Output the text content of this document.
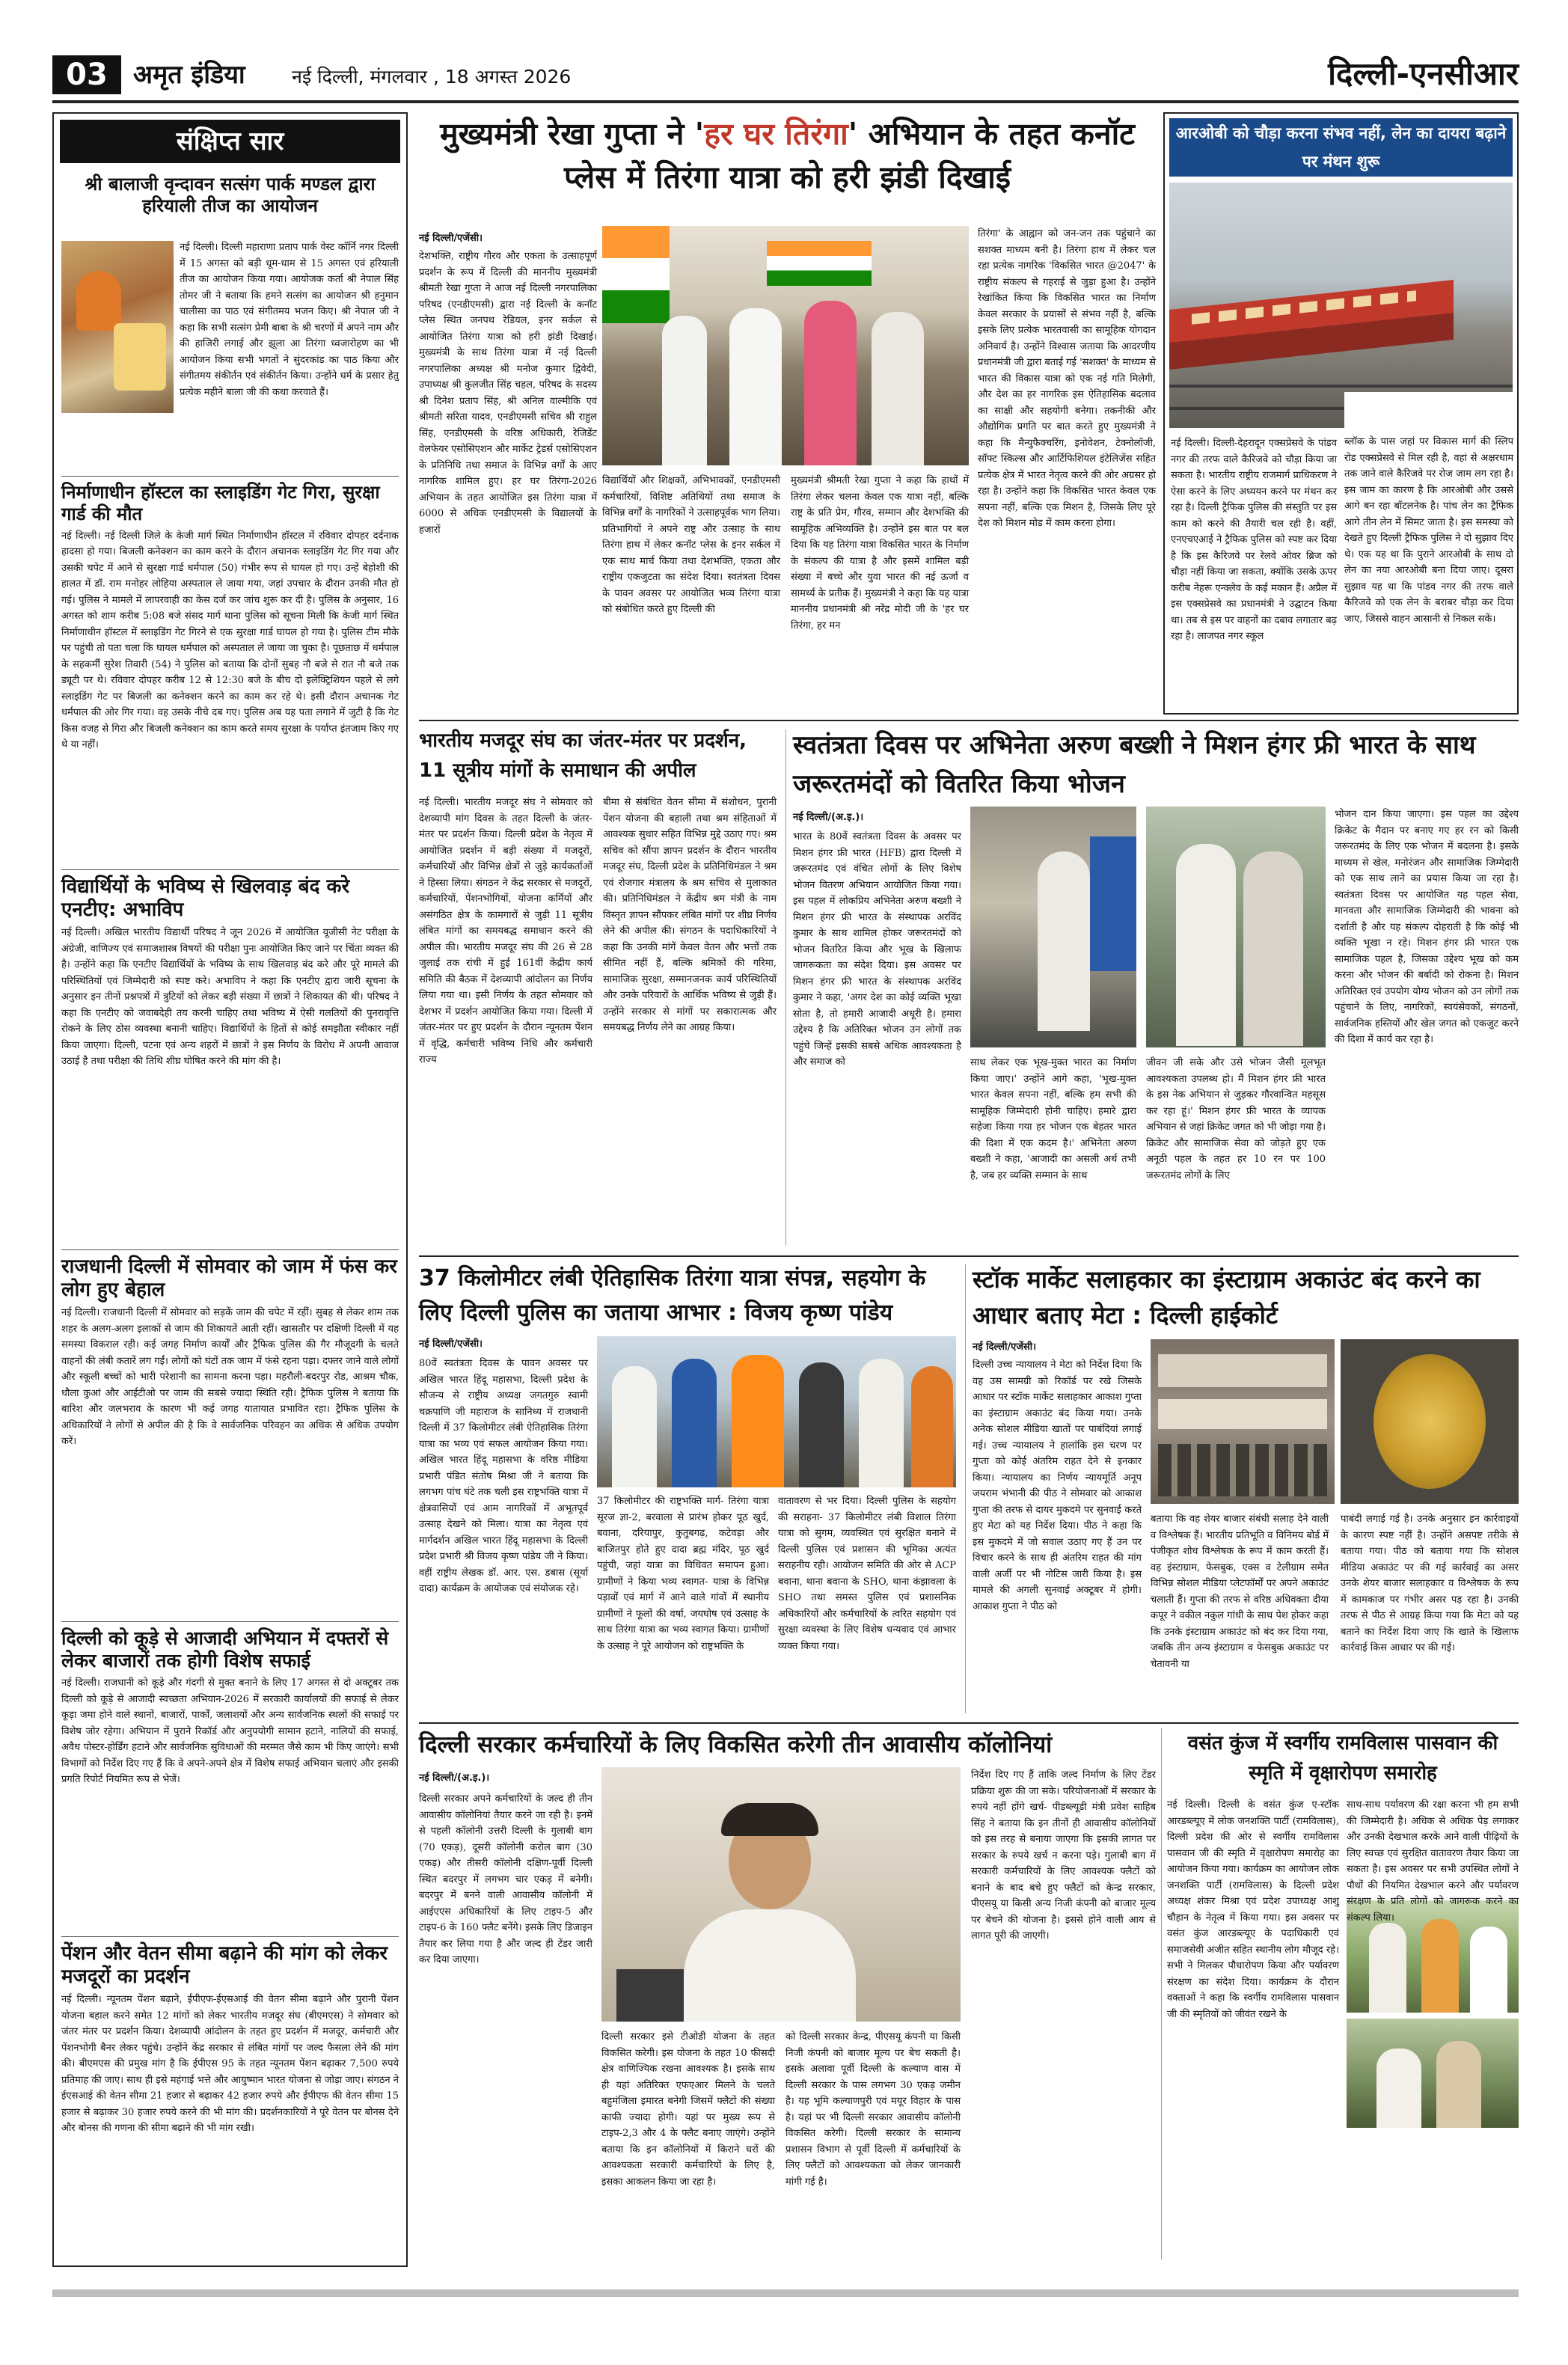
03	अमृत इंडिया नई दिल्ली, मंगलवार , 18 अगस्त 2026	दिल्ली-एनसीआर
संक्षिप्त सार
श्री बालाजी वृन्दावन सत्संग पार्क मण्डल द्वारा हरियाली तीज का आयोजन
नई दिल्ली। दिल्ली महाराणा प्रताप पार्क वेस्ट कॉर्नि नगर दिल्ली में 15 अगस्त को बड़ी धूम-धाम से 15 अगस्त एवं हरियाली तीज का आयोजन किया गया। आयोजक कर्ता श्री नेपाल सिंह तोमर जी ने बताया कि हमने सत्संग का आयोजन श्री हनुमान चालीसा का पाठ एवं संगीतमय भजन किए। श्री नेपाल जी ने कहा कि सभी सत्संग प्रेमी बाबा के श्री चरणों में अपने नाम और की हाजिरी लगाई और झूला आ तिरंगा ध्वजारोहण का भी आयोजन किया सभी भगतों ने सुंदरकांड का पाठ किया और संगीतमय संकीर्तन एवं संकीर्तन किया। उन्होंने धर्म के प्रसार हेतु प्रत्येक महीने बाला जी की कथा करवाते हैं।
निर्माणाधीन हॉस्टल का स्लाइडिंग गेट गिरा, सुरक्षा गार्ड की मौत
नई दिल्ली। नई दिल्ली जिले के केजी मार्ग स्थित निर्माणाधीन हॉस्टल में रविवार दोपहर दर्दनाक हादसा हो गया। बिजली कनेक्शन का काम करने के दौरान अचानक स्लाइडिंग गेट गिर गया और उसकी चपेट में आने से सुरक्षा गार्ड धर्मपाल (50) गंभीर रूप से घायल हो गए। उन्हें बेहोशी की हालत में डॉ. राम मनोहर लोहिया अस्पताल ले जाया गया, जहां उपचार के दौरान उनकी मौत हो गई। पुलिस ने मामले में लापरवाही का केस दर्ज कर जांच शुरू कर दी है। पुलिस के अनुसार, 16 अगस्त को शाम करीब 5:08 बजे संसद मार्ग थाना पुलिस को सूचना मिली कि केजी मार्ग स्थित निर्माणाधीन हॉस्टल में स्लाइडिंग गेट गिरने से एक सुरक्षा गार्ड घायल हो गया है। पुलिस टीम मौके पर पहुंची तो पता चला कि घायल धर्मपाल को अस्पताल ले जाया जा चुका है। पूछताछ में धर्मपाल के सहकर्मी सुरेश तिवारी (54) ने पुलिस को बताया कि दोनों सुबह नौ बजे से रात नौ बजे तक ड्यूटी पर थे। रविवार दोपहर करीब 12 से 12:30 बजे के बीच दो इलेक्ट्रिशियन पहले से लगे स्लाइडिंग गेट पर बिजली का कनेक्शन करने का काम कर रहे थे। इसी दौरान अचानक गेट धर्मपाल की ओर गिर गया। वह उसके नीचे दब गए। पुलिस अब यह पता लगाने में जुटी है कि गेट किस वजह से गिरा और बिजली कनेक्शन का काम करते समय सुरक्षा के पर्याप्त इंतजाम किए गए थे या नहीं।
विद्यार्थियों के भविष्य से खिलवाड़ बंद करे एनटीए: अभाविप
नई दिल्ली। अखिल भारतीय विद्यार्थी परिषद ने जून 2026 में आयोजित यूजीसी नेट परीक्षा के अंग्रेजी, वाणिज्य एवं समाजशास्त्र विषयों की परीक्षा पुनः आयोजित किए जाने पर चिंता व्यक्त की है। उन्होंने कहा कि एनटीए विद्यार्थियों के भविष्य के साथ खिलवाड़ बंद करे और पूरे मामले की परिस्थितियों एवं जिम्मेदारी को स्पष्ट करे। अभाविप ने कहा कि एनटीए द्वारा जारी सूचना के अनुसार इन तीनों प्रश्नपत्रों में त्रुटियों को लेकर बड़ी संख्या में छात्रों ने शिकायत की थी। परिषद ने कहा कि एनटीए को जवाबदेही तय करनी चाहिए तथा भविष्य में ऐसी गलतियों की पुनरावृत्ति रोकने के लिए ठोस व्यवस्था बनानी चाहिए। विद्यार्थियों के हितों से कोई समझौता स्वीकार नहीं किया जाएगा। दिल्ली, पटना एवं अन्य शहरों में छात्रों ने इस निर्णय के विरोध में अपनी आवाज उठाई है तथा परीक्षा की तिथि शीघ्र घोषित करने की मांग की है।
राजधानी दिल्ली में सोमवार को जाम में फंस कर लोग हुए बेहाल
नई दिल्ली। राजधानी दिल्ली में सोमवार को सड़कें जाम की चपेट में रहीं। सुबह से लेकर शाम तक शहर के अलग-अलग इलाकों से जाम की शिकायतें आती रहीं। खासतौर पर दक्षिणी दिल्ली में यह समस्या विकराल रही। कई जगह निर्माण कार्यों और ट्रैफिक पुलिस की गैर मौजूदगी के चलते वाहनों की लंबी कतारें लग गईं। लोगों को घंटों तक जाम में फंसे रहना पड़ा। दफ्तर जाने वाले लोगों और स्कूली बच्चों को भारी परेशानी का सामना करना पड़ा। महरौली-बदरपुर रोड, आश्रम चौक, धौला कुआं और आईटीओ पर जाम की सबसे ज्यादा स्थिति रही। ट्रैफिक पुलिस ने बताया कि बारिश और जलभराव के कारण भी कई जगह यातायात प्रभावित रहा। ट्रैफिक पुलिस के अधिकारियों ने लोगों से अपील की है कि वे सार्वजनिक परिवहन का अधिक से अधिक उपयोग करें।
दिल्ली को कूड़े से आजादी अभियान में दफ्तरों से लेकर बाजारों तक होगी विशेष सफाई
नई दिल्ली। राजधानी को कूड़े और गंदगी से मुक्त बनाने के लिए 17 अगस्त से दो अक्टूबर तक दिल्ली को कूड़े से आजादी स्वच्छता अभियान-2026 में सरकारी कार्यालयों की सफाई से लेकर कूड़ा जमा होने वाले स्थानों, बाजारों, पार्कों, जलाशयों और अन्य सार्वजनिक स्थलों की सफाई पर विशेष जोर रहेगा। अभियान में पुराने रिकॉर्ड और अनुपयोगी सामान हटाने, नालियों की सफाई, अवैध पोस्टर-होर्डिंग हटाने और सार्वजनिक सुविधाओं की मरम्मत जैसे काम भी किए जाएंगे। सभी विभागों को निर्देश दिए गए हैं कि वे अपने-अपने क्षेत्र में विशेष सफाई अभियान चलाएं और इसकी प्रगति रिपोर्ट नियमित रूप से भेजें।
पेंशन और वेतन सीमा बढ़ाने की मांग को लेकर मजदूरों का प्रदर्शन
नई दिल्ली। न्यूनतम पेंशन बढ़ाने, ईपीएफ-ईएसआई की वेतन सीमा बढ़ाने और पुरानी पेंशन योजना बहाल करने समेत 12 मांगों को लेकर भारतीय मजदूर संघ (बीएमएस) ने सोमवार को जंतर मंतर पर प्रदर्शन किया। देशव्यापी आंदोलन के तहत हुए प्रदर्शन में मजदूर, कर्मचारी और पेंशनभोगी बैनर लेकर पहुंचे। उन्होंने केंद्र सरकार से लंबित मांगों पर जल्द फैसला लेने की मांग की। बीएमएस की प्रमुख मांग है कि ईपीएस 95 के तहत न्यूनतम पेंशन बढ़ाकर 7,500 रुपये प्रतिमाह की जाए। साथ ही इसे महंगाई भत्ते और आयुष्मान भारत योजना से जोड़ा जाए। संगठन ने ईएसआई की वेतन सीमा 21 हजार से बढ़ाकर 42 हजार रुपये और ईपीएफ की वेतन सीमा 15 हजार से बढ़ाकर 30 हजार रुपये करने की भी मांग की। प्रदर्शनकारियों ने पूरे वेतन पर बोनस देने और बोनस की गणना की सीमा बढ़ाने की भी मांग रखी।
मुख्यमंत्री रेखा गुप्ता ने 'हर घर तिरंगा' अभियान के तहत कनॉट प्लेस में तिरंगा यात्रा को हरी झंडी दिखाई
नई दिल्ली/एजेंसी।
देशभक्ति, राष्ट्रीय गौरव और एकता के उत्साहपूर्ण प्रदर्शन के रूप में दिल्ली की माननीय मुख्यमंत्री श्रीमती रेखा गुप्ता ने आज नई दिल्ली नगरपालिका परिषद (एनडीएमसी) द्वारा नई दिल्ली के कनॉट प्लेस स्थित जनपथ रेडियल, इनर सर्कल से आयोजित तिरंगा यात्रा को हरी झंडी दिखाई। मुख्यमंत्री के साथ तिरंगा यात्रा में नई दिल्ली नगरपालिका अध्यक्ष श्री मनोज कुमार द्विवेदी, उपाध्यक्ष श्री कुलजीत सिंह चहल, परिषद के सदस्य श्री दिनेश प्रताप सिंह, श्री अनिल वाल्मीकि एवं श्रीमती सरिता यादव, एनडीएमसी सचिव श्री राहुल सिंह, एनडीएमसी के वरिष्ठ अधिकारी, रेजिडेंट वेलफेयर एसोसिएशन और मार्केट ट्रेडर्स एसोसिएशन के प्रतिनिधि तथा समाज के विभिन्न वर्गों के आए नागरिक शामिल हुए। हर घर तिरंगा-2026 अभियान के तहत आयोजित इस तिरंगा यात्रा में 6000 से अधिक एनडीएमसी के विद्यालयों के हजारों
विद्यार्थियों और शिक्षकों, अभिभावकों, एनडीएमसी कर्मचारियों, विशिष्ट अतिथियों तथा समाज के विभिन्न वर्गों के नागरिकों ने उत्साहपूर्वक भाग लिया। प्रतिभागियों ने अपने राष्ट्र और उत्साह के साथ तिरंगा हाथ में लेकर कनॉट प्लेस के इनर सर्कल में एक साथ मार्च किया तथा देशभक्ति, एकता और राष्ट्रीय एकजुटता का संदेश दिया। स्वतंत्रता दिवस के पावन अवसर पर आयोजित भव्य तिरंगा यात्रा को संबोधित करते हुए दिल्ली की
मुख्यमंत्री श्रीमती रेखा गुप्ता ने कहा कि हाथों में तिरंगा लेकर चलना केवल एक यात्रा नहीं, बल्कि राष्ट्र के प्रति प्रेम, गौरव, सम्मान और देशभक्ति की सामूहिक अभिव्यक्ति है। उन्होंने इस बात पर बल दिया कि यह तिरंगा यात्रा विकसित भारत के निर्माण के संकल्प की यात्रा है और इसमें शामिल बड़ी संख्या में बच्चे और युवा भारत की नई ऊर्जा व सामर्थ्य के प्रतीक हैं। मुख्यमंत्री ने कहा कि यह यात्रा माननीय प्रधानमंत्री श्री नरेंद्र मोदी जी के 'हर घर तिरंगा, हर मन
तिरंगा' के आह्वान को जन-जन तक पहुंचाने का सशक्त माध्यम बनी है। तिरंगा हाथ में लेकर चल रहा प्रत्येक नागरिक 'विकसित भारत @2047' के राष्ट्रीय संकल्प से गहराई से जुड़ा हुआ है। उन्होंने रेखांकित किया कि विकसित भारत का निर्माण केवल सरकार के प्रयासों से संभव नहीं है, बल्कि इसके लिए प्रत्येक भारतवासी का सामूहिक योगदान अनिवार्य है। उन्होंने विश्वास जताया कि आदरणीय प्रधानमंत्री जी द्वारा बताई गई 'सशक्त' के माध्यम से भारत की विकास यात्रा को एक नई गति मिलेगी, और देश का हर नागरिक इस ऐतिहासिक बदलाव का साक्षी और सहयोगी बनेगा। तकनीकी और औद्योगिक प्रगति पर बात करते हुए मुख्यमंत्री ने कहा कि मैन्युफैक्चरिंग, इनोवेशन, टेक्नोलॉजी, सॉफ्ट स्किल्स और आर्टिफिशियल इंटेलिजेंस सहित प्रत्येक क्षेत्र में भारत नेतृत्व करने की ओर अग्रसर हो रहा है। उन्होंने कहा कि विकसित भारत केवल एक सपना नहीं, बल्कि एक मिशन है, जिसके लिए पूरे देश को मिशन मोड में काम करना होगा।
आरओबी को चौड़ा करना संभव नहीं, लेन का दायरा बढ़ाने पर मंथन शुरू
नई दिल्ली। दिल्ली-देहरादून एक्सप्रेसवे के पांडव नगर की तरफ वाले कैरिजवे को चौड़ा किया जा सकता है। भारतीय राष्ट्रीय राजमार्ग प्राधिकरण ने ऐसा करने के लिए अध्ययन करने पर मंथन कर रहा है। दिल्ली ट्रैफिक पुलिस की संस्तुति पर इस काम को करने की तैयारी चल रही है। वहीं, एनएचएआई ने ट्रैफिक पुलिस को स्पष्ट कर दिया है कि इस कैरिजवे पर रेलवे ओवर ब्रिज को चौड़ा नहीं किया जा सकता, क्योंकि उसके ऊपर करीब नेहरू एन्क्लेव के कई मकान हैं। अप्रैल में इस एक्सप्रेसवे का प्रधानमंत्री ने उद्घाटन किया था। तब से इस पर वाहनों का दबाव लगातार बढ़ रहा है। लाजपत नगर स्कूल
ब्लॉक के पास जहां पर विकास मार्ग की स्लिप रोड एक्सप्रेसवे से मिल रही है, वहां से अक्षरधाम तक जाने वाले कैरिजवे पर रोज जाम लग रहा है। इस जाम का कारण है कि आरओबी और उससे आगे बन रहा बॉटलनेक है। पांच लेन का ट्रैफिक आगे तीन लेन में सिमट जाता है। इस समस्या को देखते हुए दिल्ली ट्रैफिक पुलिस ने दो सुझाव दिए थे। एक यह था कि पुराने आरओबी के साथ दो लेन का नया आरओबी बना दिया जाए। दूसरा सुझाव यह था कि पांडव नगर की तरफ वाले कैरिजवे को एक लेन के बराबर चौड़ा कर दिया जाए, जिससे वाहन आसानी से निकल सकें।
भारतीय मजदूर संघ का जंतर-मंतर पर प्रदर्शन, 11 सूत्रीय मांगों के समाधान की अपील
नई दिल्ली। भारतीय मजदूर संघ ने सोमवार को देशव्यापी मांग दिवस के तहत दिल्ली के जंतर-मंतर पर प्रदर्शन किया। दिल्ली प्रदेश के नेतृत्व में आयोजित प्रदर्शन में बड़ी संख्या में मजदूरों, कर्मचारियों और विभिन्न क्षेत्रों से जुड़े कार्यकर्ताओं ने हिस्सा लिया। संगठन ने केंद्र सरकार से मजदूरों, कर्मचारियों, पेंशनभोगियों, योजना कर्मियों और असंगठित क्षेत्र के कामगारों से जुड़ी 11 सूत्रीय लंबित मांगों का समयबद्ध समाधान करने की अपील की। भारतीय मजदूर संघ की 26 से 28 जुलाई तक रांची में हुई 161वीं केंद्रीय कार्य समिति की बैठक में देशव्यापी आंदोलन का निर्णय लिया गया था। इसी निर्णय के तहत सोमवार को देशभर में प्रदर्शन आयोजित किया गया। दिल्ली में जंतर-मंतर पर हुए प्रदर्शन के दौरान न्यूनतम पेंशन में वृद्धि, कर्मचारी भविष्य निधि और कर्मचारी राज्य
बीमा से संबंधित वेतन सीमा में संशोधन, पुरानी पेंशन योजना की बहाली तथा श्रम संहिताओं में आवश्यक सुधार सहित विभिन्न मुद्दे उठाए गए। श्रम सचिव को सौंपा ज्ञापन प्रदर्शन के दौरान भारतीय मजदूर संघ, दिल्ली प्रदेश के प्रतिनिधिमंडल ने श्रम एवं रोजगार मंत्रालय के श्रम सचिव से मुलाकात की। प्रतिनिधिमंडल ने केंद्रीय श्रम मंत्री के नाम विस्तृत ज्ञापन सौंपकर लंबित मांगों पर शीघ्र निर्णय लेने की अपील की। संगठन के पदाधिकारियों ने कहा कि उनकी मांगें केवल वेतन और भत्तों तक सीमित नहीं हैं, बल्कि श्रमिकों की गरिमा, सामाजिक सुरक्षा, सम्मानजनक कार्य परिस्थितियों और उनके परिवारों के आर्थिक भविष्य से जुड़ी हैं। उन्होंने सरकार से मांगों पर सकारात्मक और समयबद्ध निर्णय लेने का आग्रह किया।
स्वतंत्रता दिवस पर अभिनेता अरुण बख्शी ने मिशन हंगर फ्री भारत के साथ जरूरतमंदों को वितरित किया भोजन
नई दिल्ली/(अ.इ.)।
भारत के 80वें स्वतंत्रता दिवस के अवसर पर मिशन हंगर फ्री भारत (HFB) द्वारा दिल्ली में जरूरतमंद एवं वंचित लोगों के लिए विशेष भोजन वितरण अभियान आयोजित किया गया। इस पहल में लोकप्रिय अभिनेता अरुण बख्शी ने मिशन हंगर फ्री भारत के संस्थापक अरविंद कुमार के साथ शामिल होकर जरूरतमंदों को भोजन वितरित किया और भूख के खिलाफ जागरूकता का संदेश दिया। इस अवसर पर मिशन हंगर फ्री भारत के संस्थापक अरविंद कुमार ने कहा, 'अगर देश का कोई व्यक्ति भूखा सोता है, तो हमारी आजादी अधूरी है। हमारा उद्देश्य है कि अतिरिक्त भोजन उन लोगों तक पहुंचे जिन्हें इसकी सबसे अधिक आवश्यकता है और समाज को	साथ लेकर एक भूख-मुक्त भारत का निर्माण किया जाए।' उन्होंने आगे कहा, 'भूख-मुक्त भारत केवल सपना नहीं, बल्कि हम सभी की सामूहिक जिम्मेदारी होनी चाहिए। हमारे द्वारा सहेजा किया गया हर भोजन एक बेहतर भारत की दिशा में एक कदम है।' अभिनेता अरुण बख्शी ने कहा, 'आजादी का असली अर्थ तभी है, जब हर व्यक्ति सम्मान के साथ
जीवन जी सके और उसे भोजन जैसी मूलभूत आवश्यकता उपलब्ध हो। मैं मिशन हंगर फ्री भारत के इस नेक अभियान से जुड़कर गौरवान्वित महसूस कर रहा हूं।' मिशन हंगर फ्री भारत के व्यापक अभियान से जहां क्रिकेट जगत को भी जोड़ा गया है। क्रिकेट और सामाजिक सेवा को जोड़ते हुए एक अनूठी पहल के तहत हर 10 रन पर 100 जरूरतमंद लोगों के लिए
भोजन दान किया जाएगा। इस पहल का उद्देश्य क्रिकेट के मैदान पर बनाए गए हर रन को किसी जरूरतमंद के लिए एक भोजन में बदलना है। इसके माध्यम से खेल, मनोरंजन और सामाजिक जिम्मेदारी को एक साथ लाने का प्रयास किया जा रहा है। स्वतंत्रता दिवस पर आयोजित यह पहल सेवा, मानवता और सामाजिक जिम्मेदारी की भावना को दर्शाती है और यह संकल्प दोहराती है कि कोई भी व्यक्ति भूखा न रहे। मिशन हंगर फ्री भारत एक सामाजिक पहल है, जिसका उद्देश्य भूख को कम करना और भोजन की बर्बादी को रोकना है। मिशन अतिरिक्त एवं उपयोग योग्य भोजन को उन लोगों तक पहुंचाने के लिए, नागरिकों, स्वयंसेवकों, संगठनों, सार्वजनिक हस्तियों और खेल जगत को एकजुट करने की दिशा में कार्य कर रहा है।
37 किलोमीटर लंबी ऐतिहासिक तिरंगा यात्रा संपन्न, सहयोग के लिए दिल्ली पुलिस का जताया आभार : विजय कृष्ण पांडेय
नई दिल्ली/एजेंसी।
80वें स्वतंत्रता दिवस के पावन अवसर पर अखिल भारत हिंदू महासभा, दिल्ली प्रदेश के सौजन्य से राष्ट्रीय अध्यक्ष जगतगुरु स्वामी चक्रपाणि जी महाराज के सानिध्य में राजधानी दिल्ली में 37 किलोमीटर लंबी ऐतिहासिक तिरंगा यात्रा का भव्य एवं सफल आयोजन किया गया। अखिल भारत हिंदू महासभा के वरिष्ठ मीडिया प्रभारी पंडित संतोष मिश्रा जी ने बताया कि लगभग पांच घंटे तक चली इस राष्ट्रभक्ति यात्रा में क्षेत्रवासियों एवं आम नागरिकों में अभूतपूर्व उत्साह देखने को मिला। यात्रा का नेतृत्व एवं मार्गदर्शन अखिल भारत हिंदू महासभा के दिल्ली प्रदेश प्रभारी श्री विजय कृष्ण पांडेय जी ने किया। वहीं राष्ट्रीय लेखक डॉ. आर. एस. डबास (सूर्या दादा) कार्यक्रम के आयोजक एवं संयोजक रहे।
37 किलोमीटर की राष्ट्रभक्ति मार्ग- तिरंगा यात्रा सूरज ज्ञा-2, बरवाला से प्रारंभ होकर पूठ खुर्द, बवाना, दरियापुर, कुतुबगढ़, कटेवड़ा और बाजितपुर होते हुए दादा ब्रह्म मंदिर, पूठ खुर्द पहुंची, जहां यात्रा का विधिवत समापन हुआ। ग्रामीणों ने किया भव्य स्वागत- यात्रा के विभिन्न पड़ावों एवं मार्ग में आने वाले गांवों में स्थानीय ग्रामीणों ने फूलों की वर्षा, जयघोष एवं उत्साह के साथ तिरंगा यात्रा का भव्य स्वागत किया। ग्रामीणों के उत्साह ने पूरे आयोजन को राष्ट्रभक्ति के
वातावरण से भर दिया। दिल्ली पुलिस के सहयोग की सराहना- 37 किलोमीटर लंबी विशाल तिरंगा यात्रा को सुगम, व्यवस्थित एवं सुरक्षित बनाने में दिल्ली पुलिस एवं प्रशासन की भूमिका अत्यंत सराहनीय रही। आयोजन समिति की ओर से ACP बवाना, थाना बवाना के SHO, थाना कंझावला के SHO तथा समस्त पुलिस एवं प्रशासनिक अधिकारियों और कर्मचारियों के त्वरित सहयोग एवं सुरक्षा व्यवस्था के लिए विशेष धन्यवाद एवं आभार व्यक्त किया गया।
स्टॉक मार्केट सलाहकार का इंस्टाग्राम अकाउंट बंद करने का आधार बताए मेटा : दिल्ली हाईकोर्ट
नई दिल्ली/एजेंसी।
दिल्ली उच्च न्यायालय ने मेटा को निर्देश दिया कि वह उस सामग्री को रिकॉर्ड पर रखे जिसके आधार पर स्टॉक मार्केट सलाहकार आकाश गुप्ता का इंस्टाग्राम अकाउंट बंद किया गया। उनके अनेक सोशल मीडिया खातों पर पाबंदियां लगाई गई। उच्च न्यायालय ने हालांकि इस चरण पर गुप्ता को कोई अंतरिम राहत देने से इनकार किया। न्यायालय का निर्णय न्यायमूर्ति अनूप जयराम भंभानी की पीठ ने सोमवार को आकाश गुप्ता की तरफ से दायर मुकदमे पर सुनवाई करते हुए मेटा को यह निर्देश दिया। पीठ ने कहा कि इस मुकदमे में जो सवाल उठाए गए हैं उन पर विचार करने के साथ ही अंतरिम राहत की मांग वाली अर्जी पर भी नोटिस जारी किया है। इस मामले की अगली सुनवाई अक्टूबर में होगी। आकाश गुप्ता ने पीठ को
बताया कि वह शेयर बाजार संबंधी सलाह देने वाली व विश्लेषक हैं। भारतीय प्रतिभूति व विनिमय बोर्ड में पंजीकृत शोध विश्लेषक के रूप में काम करती हैं। वह इंस्टाग्राम, फेसबुक, एक्स व टेलीग्राम समेत विभिन्न सोशल मीडिया प्लेटफॉर्मों पर अपने अकाउंट चलाती हैं। गुप्ता की तरफ से वरिष्ठ अधिवक्ता दीया कपूर ने वकील नकुल गांधी के साथ पेश होकर कहा कि उनके इंस्टाग्राम अकाउंट को बंद कर दिया गया, जबकि तीन अन्य इंस्टाग्राम व फेसबुक अकाउंट पर चेतावनी या
पाबंदी लगाई गई है। उनके अनुसार इन कार्रवाइयों के कारण स्पष्ट नहीं है। उन्होंने असपष्ट तरीके से बताया गया। पीठ को बताया गया कि सोशल मीडिया अकाउंट पर की गई कार्रवाई का असर उनके शेयर बाजार सलाहकार व विश्लेषक के रूप में कामकाज पर गंभीर असर पड़ रहा है। उनकी तरफ से पीठ से आग्रह किया गया कि मेटा को यह बताने का निर्देश दिया जाए कि खाते के खिलाफ कार्रवाई किस आधार पर की गई।
दिल्ली सरकार कर्मचारियों के लिए विकसित करेगी तीन आवासीय कॉलोनियां
नई दिल्ली/(अ.इ.)।
दिल्ली सरकार अपने कर्मचारियों के जल्द ही तीन आवासीय कॉलोनियां तैयार करने जा रही है। इनमें से पहली कॉलोनी उत्तरी दिल्ली के गुलाबी बाग (70 एकड़), दूसरी कॉलोनी करोल बाग (30 एकड़) और तीसरी कॉलोनी दक्षिण-पूर्वी दिल्ली स्थित बदरपुर में लगभग चार एकड़ में बनेगी। बदरपुर में बनने वाली आवासीय कॉलोनी में आईएएस अधिकारियों के लिए टाइप-5 और टाइप-6 के 160 फ्लैट बनेंगे। इसके लिए डिजाइन तैयार कर लिया गया है और जल्द ही टेंडर जारी कर दिया जाएगा।
दिल्ली सरकार इसे टीओडी योजना के तहत विकसित करेगी। इस योजना के तहत 10 फीसदी क्षेत्र वाणिज्यिक रखना आवश्यक है। इसके साथ ही यहां अतिरिक्त एफएआर मिलने के चलते बहुमंजिला इमारत बनेगी जिसमें फ्लैटों की संख्या काफी ज्यादा होगी। यहां पर मुख्य रूप से टाइप-2,3 और 4 के फ्लैट बनाए जाएंगे। उन्होंने बताया कि इन कॉलोनियों में किराने घरों की आवश्यकता सरकारी कर्मचारियों के लिए है, इसका आकलन किया जा रहा है।
को दिल्ली सरकार केन्द्र, पीएसयू कंपनी या किसी निजी कंपनी को बाजार मूल्य पर बेच सकती है। इसके अलावा पूर्वी दिल्ली के कल्याण वास में दिल्ली सरकार के पास लगभग 30 एकड़ जमीन है। यह भूमि कल्याणपुरी एवं मयूर विहार के पास है। यहां पर भी दिल्ली सरकार आवासीय कॉलोनी विकसित करेगी। दिल्ली सरकार के सामान्य प्रशासन विभाग से पूर्वी दिल्ली में कर्मचारियों के लिए फ्लैटों को आवश्यकता को लेकर जानकारी मांगी गई है।
निर्देश दिए गए हैं ताकि जल्द निर्माण के लिए टेंडर प्रक्रिया शुरू की जा सके। परियोजनाओं में सरकार के रुपये नहीं होंगे खर्च- पीडब्ल्यूडी मंत्री प्रवेश साहिब सिंह ने बताया कि इन तीनों ही आवासीय कॉलोनियों को इस तरह से बनाया जाएगा कि इसकी लागत पर सरकार के रुपये खर्च न करना पड़े। गुलाबी बाग में सरकारी कर्मचारियों के लिए आवश्यक फ्लैटों को बनाने के बाद बचे हुए फ्लैटों को केन्द्र सरकार, पीएसयू या किसी अन्य निजी कंपनी को बाजार मूल्य पर बेचने की योजना है। इससे होने वाली आय से लागत पूरी की जाएगी।
वसंत कुंज में स्वर्गीय रामविलास पासवान की स्मृति में वृक्षारोपण समारोह
नई दिल्ली। दिल्ली के वसंत कुंज ए-स्टॉक आरडब्ल्यूए में लोक जनशक्ति पार्टी (रामविलास), दिल्ली प्रदेश की ओर से स्वर्गीय रामविलास पासवान जी की स्मृति में वृक्षारोपण समारोह का आयोजन किया गया। कार्यक्रम का आयोजन लोक जनशक्ति पार्टी (रामविलास) के दिल्ली प्रदेश अध्यक्ष शंकर मिश्रा एवं प्रदेश उपाध्यक्ष आशु चौहान के नेतृत्व में किया गया। इस अवसर पर वसंत कुंज आरडब्ल्यूए के पदाधिकारी एवं समाजसेवी अजीत सहित स्थानीय लोग मौजूद रहे। सभी ने मिलकर पौधारोपण किया और पर्यावरण संरक्षण का संदेश दिया। कार्यक्रम के दौरान वक्ताओं ने कहा कि स्वर्गीय रामविलास पासवान जी की स्मृतियों को जीवंत रखने के
साथ-साथ पर्यावरण की रक्षा करना भी हम सभी की जिम्मेदारी है। अधिक से अधिक पेड़ लगाकर और उनकी देखभाल करके आने वाली पीढ़ियों के लिए स्वच्छ एवं सुरक्षित वातावरण तैयार किया जा सकता है। इस अवसर पर सभी उपस्थित लोगों ने पौधों की नियमित देखभाल करने और पर्यावरण संरक्षण के प्रति लोगों को जागरूक करने का संकल्प लिया।
